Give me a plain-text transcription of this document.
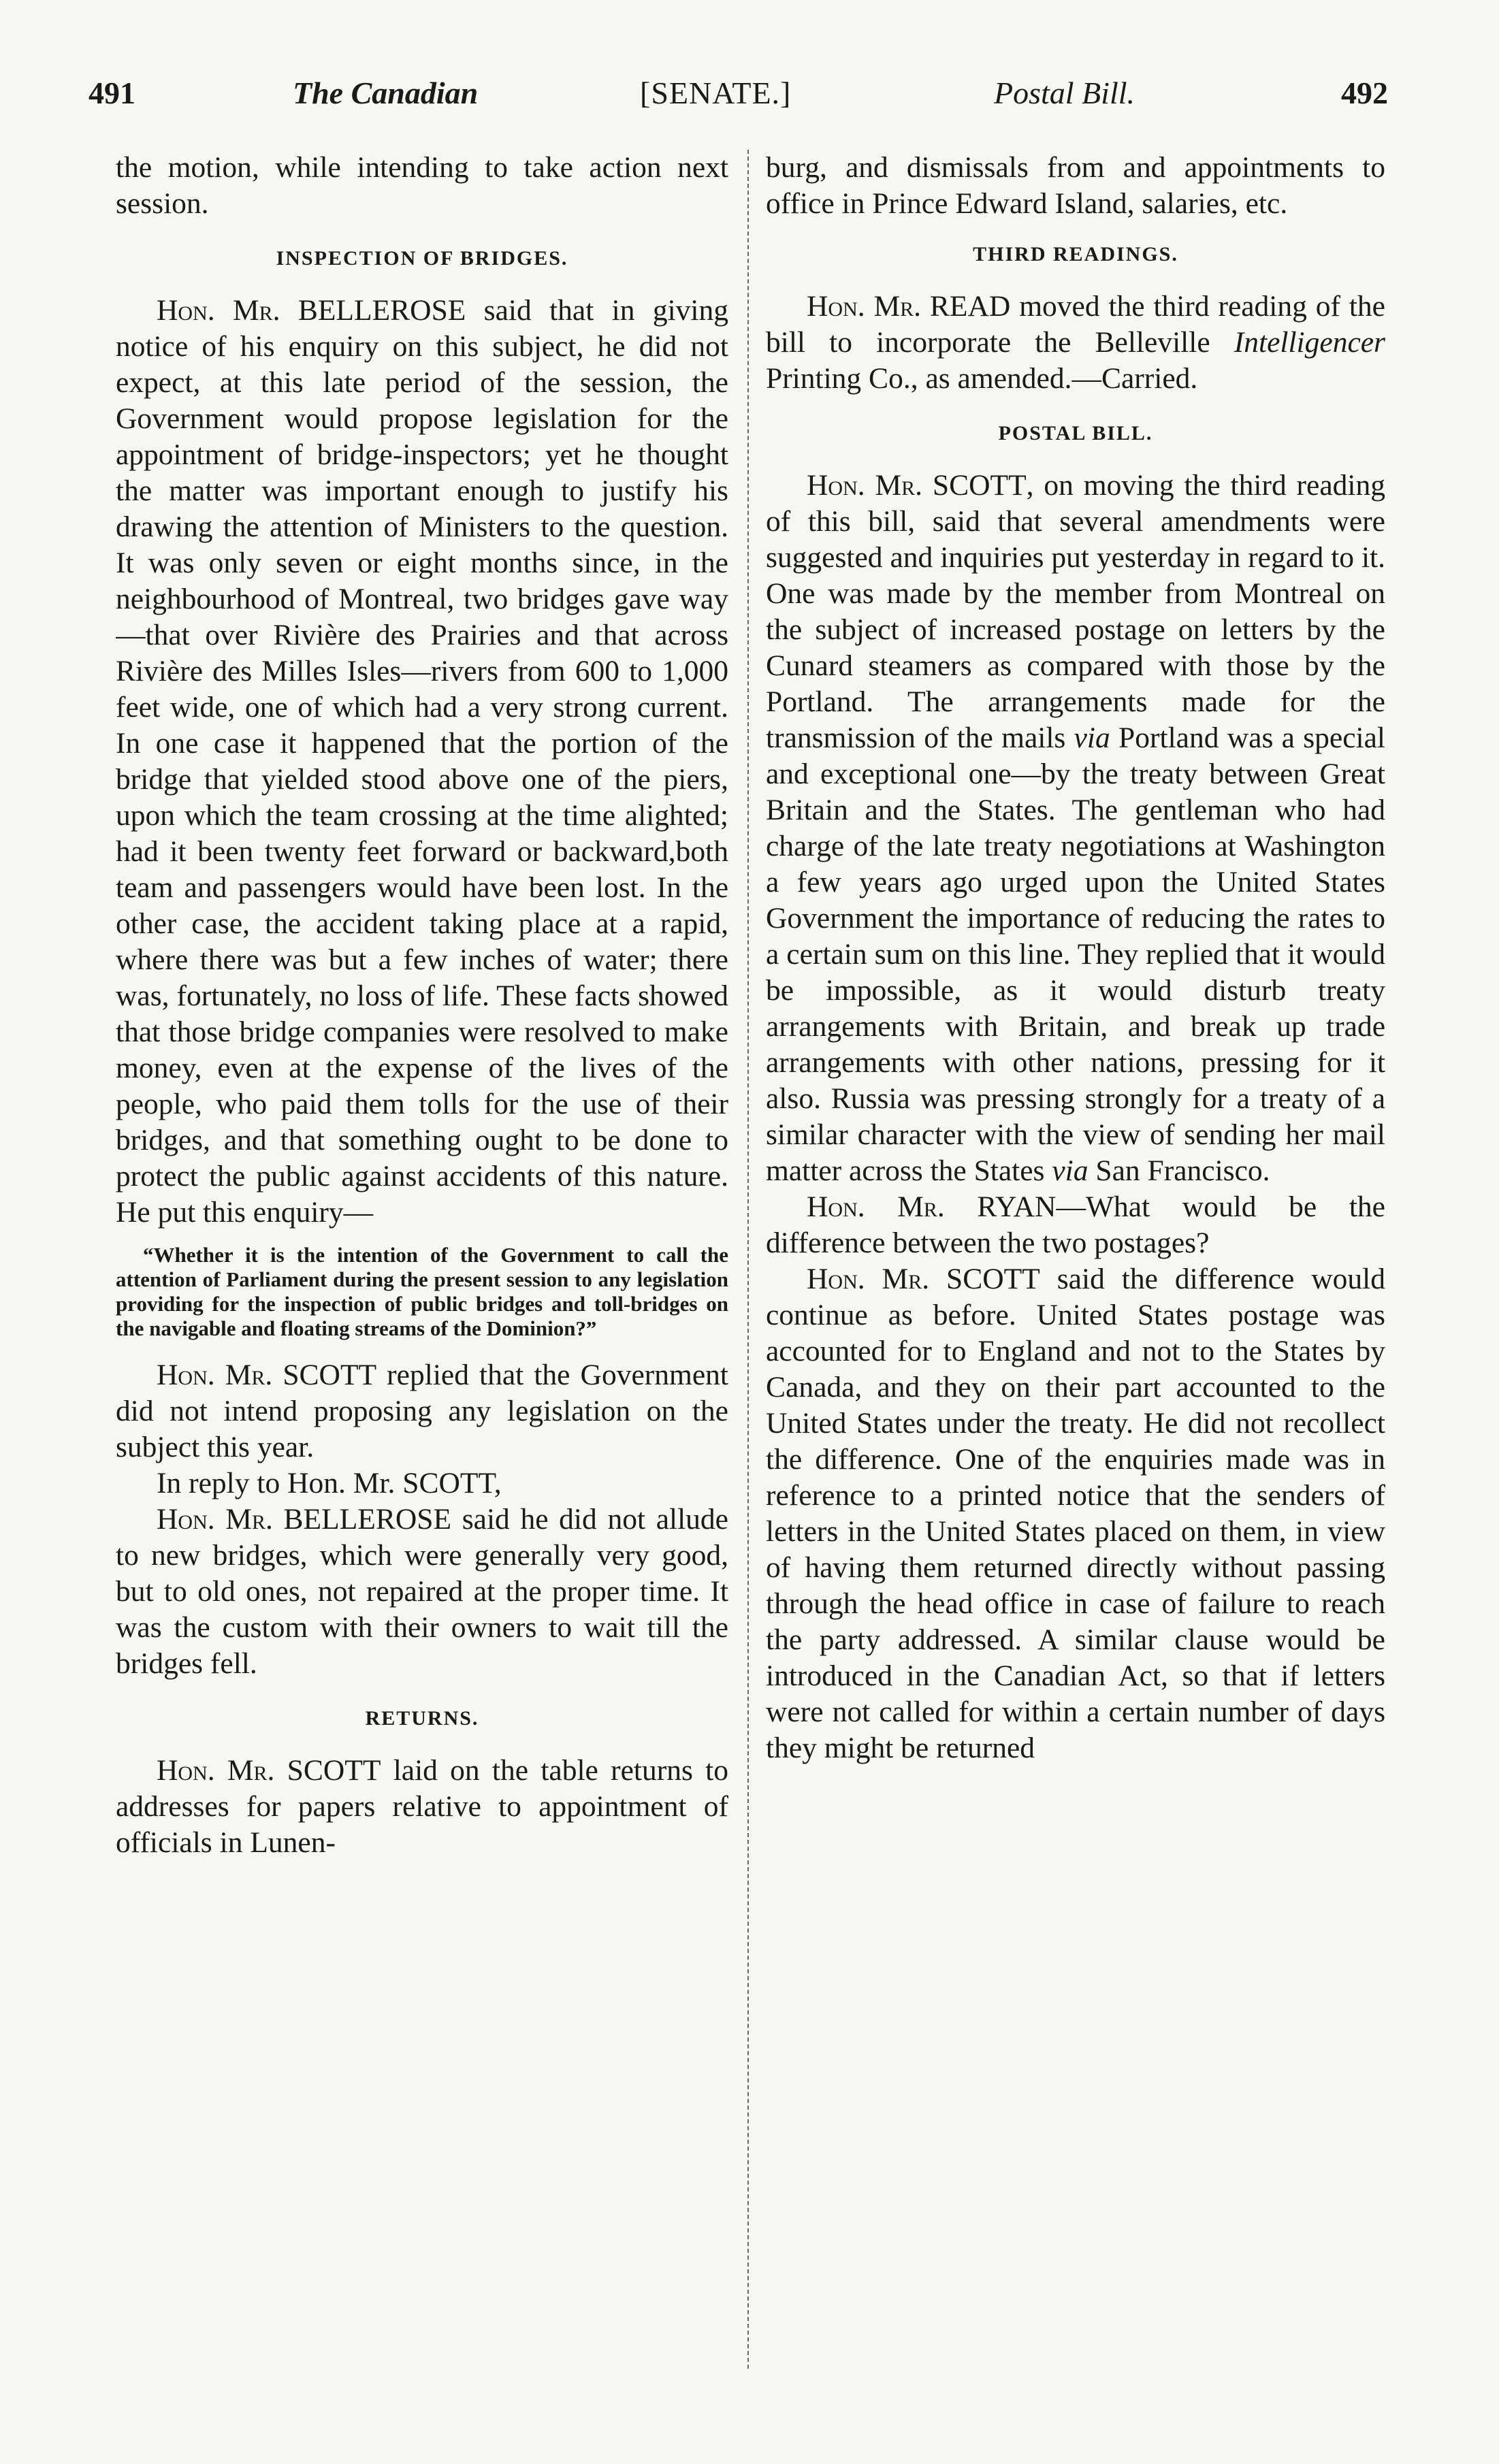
491	The Canadian	[SENATE.]	Postal Bill.	492

the motion, while intending to take action next session.

INSPECTION OF BRIDGES.

Hon. Mr. BELLEROSE said that in giving notice of his enquiry on this subject, he did not expect, at this late period of the session, the Government would propose legislation for the appointment of bridge-inspectors; yet he thought the matter was important enough to justify his drawing the attention of Ministers to the question. It was only seven or eight months since, in the neighbourhood of Montreal, two bridges gave way—that over Rivière des Prairies and that across Rivière des Milles Isles—rivers from 600 to 1,000 feet wide, one of which had a very strong current. In one case it happened that the portion of the bridge that yielded stood above one of the piers, upon which the team crossing at the time alighted; had it been twenty feet forward or backward,both team and passengers would have been lost. In the other case, the accident taking place at a rapid, where there was but a few inches of water; there was, fortunately, no loss of life. These facts showed that those bridge companies were resolved to make money, even at the expense of the lives of the people, who paid them tolls for the use of their bridges, and that something ought to be done to protect the public against accidents of this nature. He put this enquiry—

“Whether it is the intention of the Government to call the attention of Parliament during the present session to any legislation providing for the inspection of public bridges and toll-bridges on the navigable and floating streams of the Dominion?”

Hon. Mr. SCOTT replied that the Government did not intend proposing any legislation on the subject this year.

In reply to Hon. Mr. SCOTT,

Hon. Mr. BELLEROSE said he did not allude to new bridges, which were generally very good, but to old ones, not repaired at the proper time. It was the custom with their owners to wait till the bridges fell.

RETURNS.

Hon. Mr. SCOTT laid on the table returns to addresses for papers relative to appointment of officials in Lunen-

burg, and dismissals from and appointments to office in Prince Edward Island, salaries, etc.

THIRD READINGS.

Hon. Mr. READ moved the third reading of the bill to incorporate the Belleville Intelligencer Printing Co., as amended.—Carried.

POSTAL BILL.

Hon. Mr. SCOTT, on moving the third reading of this bill, said that several amendments were suggested and inquiries put yesterday in regard to it. One was made by the member from Montreal on the subject of increased postage on letters by the Cunard steamers as compared with those by the Portland. The arrangements made for the transmission of the mails via Portland was a special and exceptional one—by the treaty between Great Britain and the States. The gentleman who had charge of the late treaty negotiations at Washington a few years ago urged upon the United States Government the importance of reducing the rates to a certain sum on this line. They replied that it would be impossible, as it would disturb treaty arrangements with Britain, and break up trade arrangements with other nations, pressing for it also. Russia was pressing strongly for a treaty of a similar character with the view of sending her mail matter across the States via San Francisco.

Hon. Mr. RYAN—What would be the difference between the two postages?

Hon. Mr. SCOTT said the difference would continue as before. United States postage was accounted for to England and not to the States by Canada, and they on their part accounted to the United States under the treaty. He did not recollect the difference. One of the enquiries made was in reference to a printed notice that the senders of letters in the United States placed on them, in view of having them returned directly without passing through the head office in case of failure to reach the party addressed. A similar clause would be introduced in the Canadian Act, so that if letters were not called for within a certain number of days they might be returned
